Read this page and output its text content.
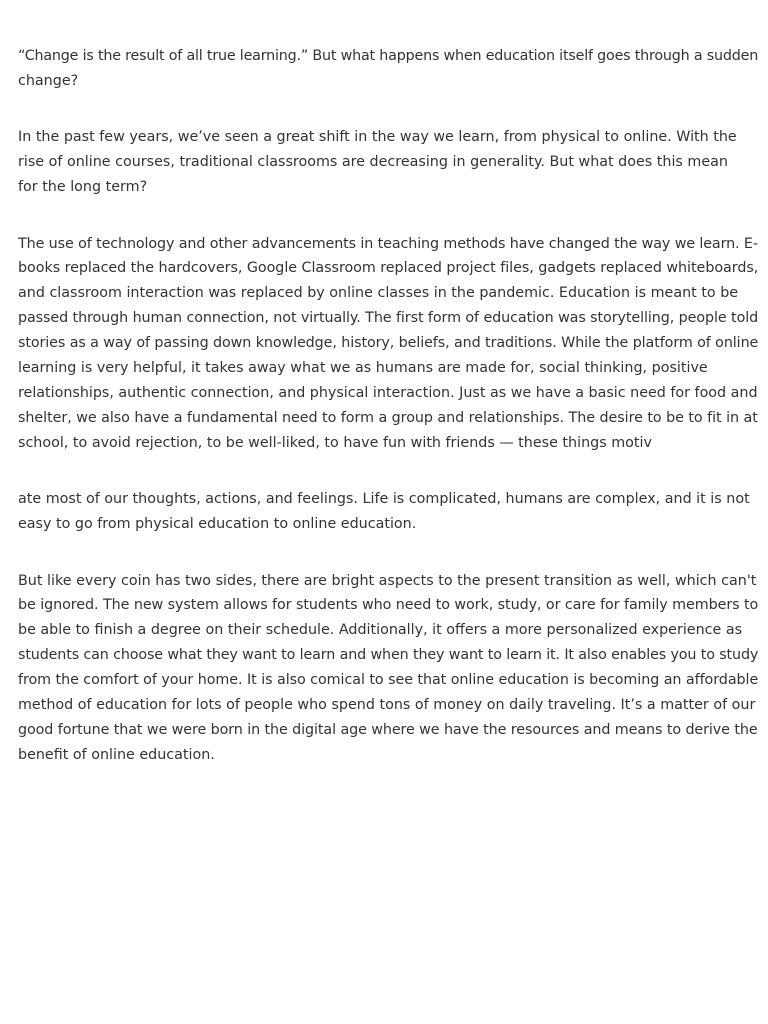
“Change is the result of all true learning.” But what happens when education itself goes through a sudden
change?

In the past few years, we’ve seen a great shift in the way we learn, from physical to online. With the
rise of online courses, traditional classrooms are decreasing in generality. But what does this mean
for the long term?

The use of technology and other advancements in teaching methods have changed the way we learn. E-
books replaced the hardcovers, Google Classroom replaced project files, gadgets replaced whiteboards,
and classroom interaction was replaced by online classes in the pandemic. Education is meant to be
passed through human connection, not virtually. The first form of education was storytelling, people told
stories as a way of passing down knowledge, history, beliefs, and traditions. While the platform of online
learning is very helpful, it takes away what we as humans are made for, social thinking, positive
relationships, authentic connection, and physical interaction. Just as we have a basic need for food and
shelter, we also have a fundamental need to form a group and relationships. The desire to be to fit in at
school, to avoid rejection, to be well-liked, to have fun with friends — these things motiv

ate most of our thoughts, actions, and feelings. Life is complicated, humans are complex, and it is not
easy to go from physical education to online education.

But like every coin has two sides, there are bright aspects to the present transition as well, which can't
be ignored. The new system allows for students who need to work, study, or care for family members to
be able to finish a degree on their schedule. Additionally, it offers a more personalized experience as
students can choose what they want to learn and when they want to learn it. It also enables you to study
from the comfort of your home. It is also comical to see that online education is becoming an affordable
method of education for lots of people who spend tons of money on daily traveling. It’s a matter of our
good fortune that we were born in the digital age where we have the resources and means to derive the
benefit of online education.
